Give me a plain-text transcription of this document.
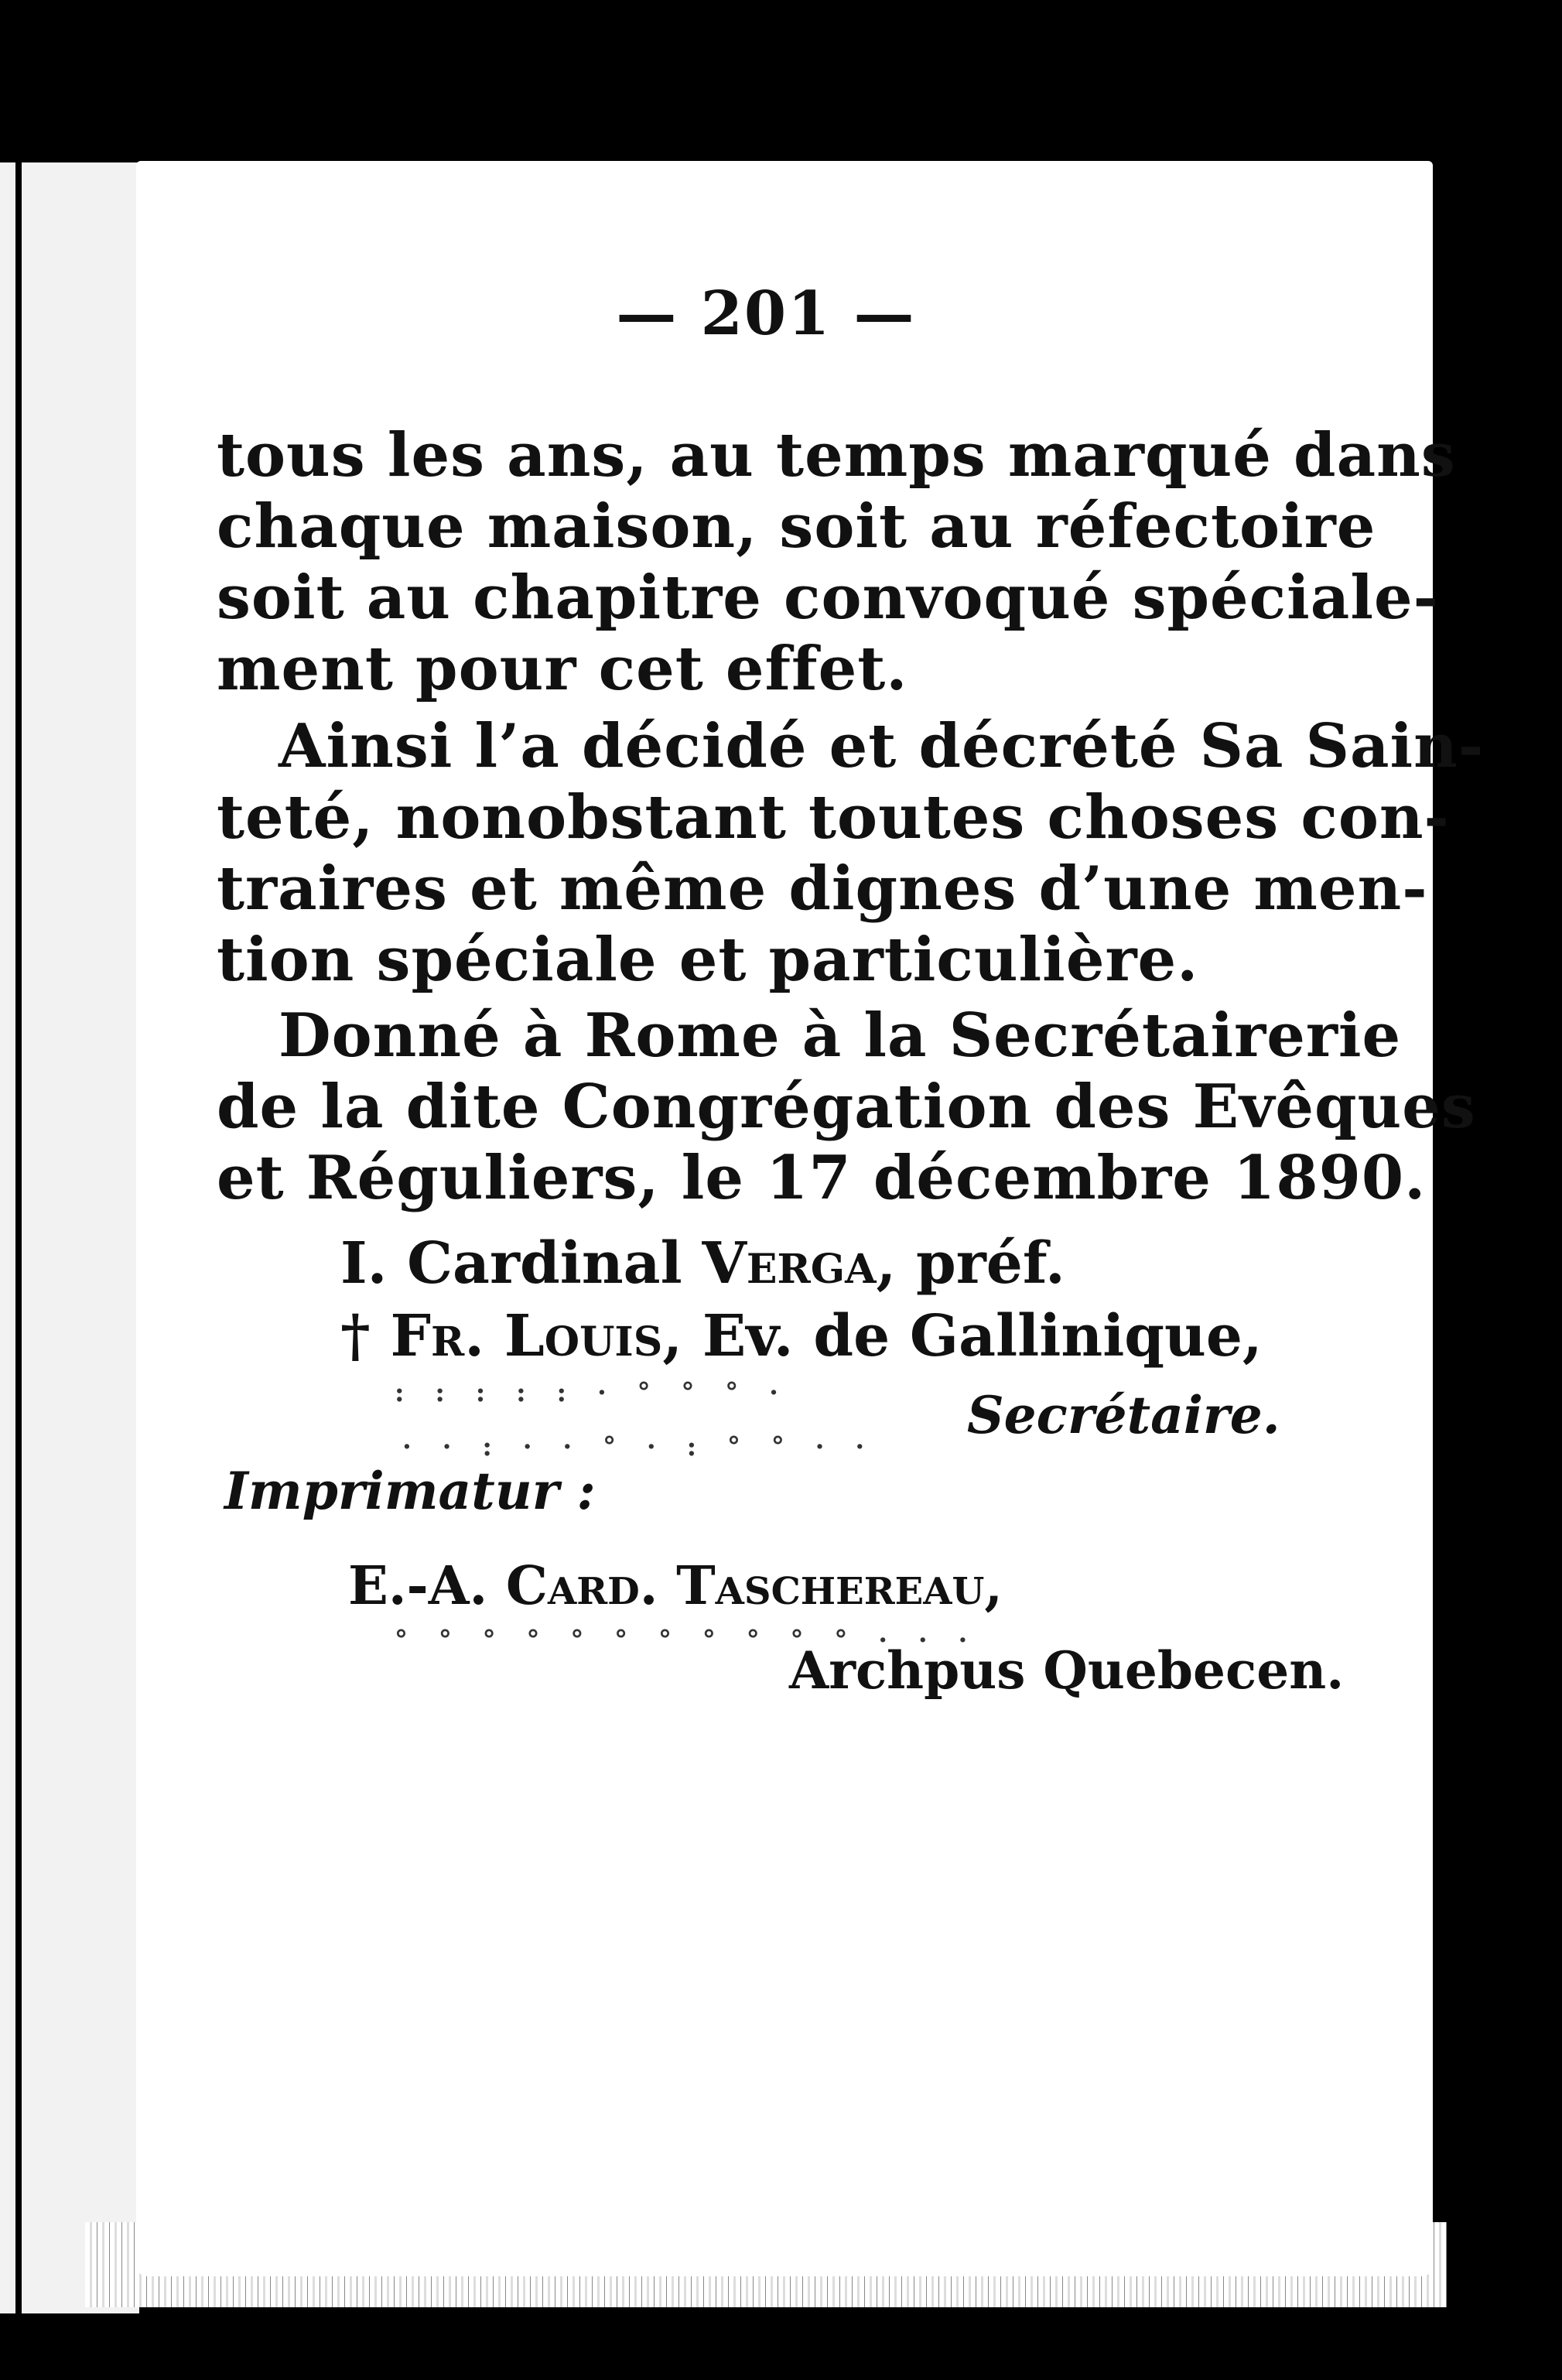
— 201 —
tous les ans, au temps marqué dans
chaque maison, soit au réfectoire
soit au chapitre convoqué spéciale-
ment pour cet effet.
Ainsi l’a décidé et décrété Sa Sain-
teté, nonobstant toutes choses con-
traires et même dignes d’une men-
tion spéciale et particulière.
Donné à Rome à la Secrétairerie
de la dite Congrégation des Evêques
et Réguliers, le 17 décembre 1890.
I. Cardinal Verga, préf.
† Fr. Louis, Ev. de Gallinique,
: : : : : · ° ° ° ·	Secrétaire.
· · : · · ° · : ° ° · ·
Imprimatur :
E.-A. Card. Taschereau,
° ° ° ° ° ° ° ° ° ° ° · · ·
Archpus Quebecen.
